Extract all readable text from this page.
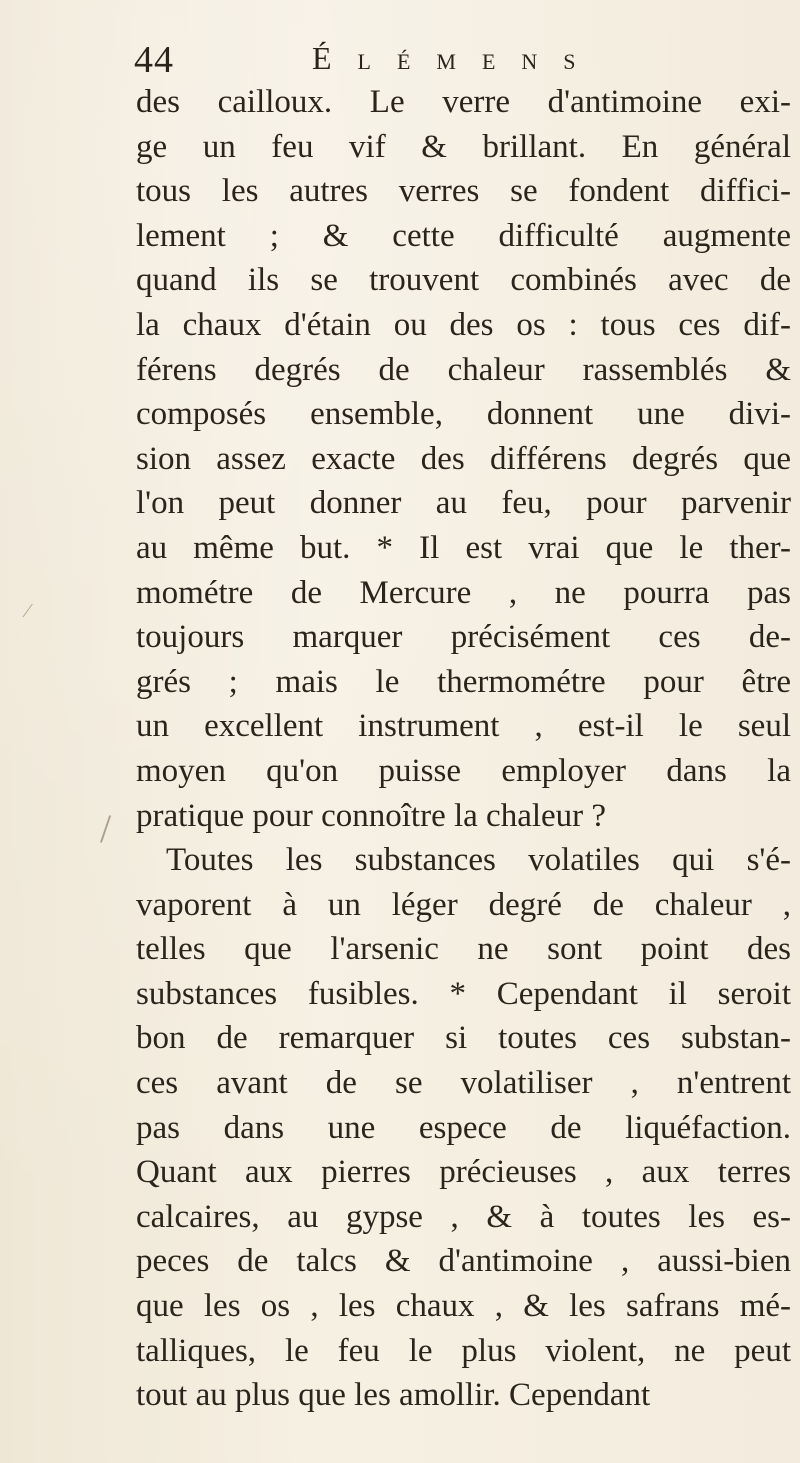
44	Élémens
des cailloux. Le verre d'antimoine exi-
ge un feu vif & brillant. En général
tous les autres verres se fondent diffici-
lement ; & cette difficulté augmente
quand ils se trouvent combinés avec de
la chaux d'étain ou des os : tous ces dif-
férens degrés de chaleur rassemblés &
composés ensemble, donnent une divi-
sion assez exacte des différens degrés que
l'on peut donner au feu, pour parvenir
au même but. * Il est vrai que le ther-
mométre de Mercure , ne pourra pas
toujours marquer précisément ces de-
grés ; mais le thermométre pour être
un excellent instrument , est-il le seul
moyen qu'on puisse employer dans la
pratique pour connoître la chaleur ?
Toutes les substances volatiles qui s'é-
vaporent à un léger degré de chaleur ,
telles que l'arsenic ne sont point des
substances fusibles. * Cependant il seroit
bon de remarquer si toutes ces substan-
ces avant de se volatiliser , n'entrent
pas dans une espece de liquéfaction.
Quant aux pierres précieuses , aux terres
calcaires, au gypse , & à toutes les es-
peces de talcs & d'antimoine , aussi-bien
que les os , les chaux , & les safrans mé-
talliques, le feu le plus violent, ne peut
tout au plus que les amollir. Cependant
⁄
/
